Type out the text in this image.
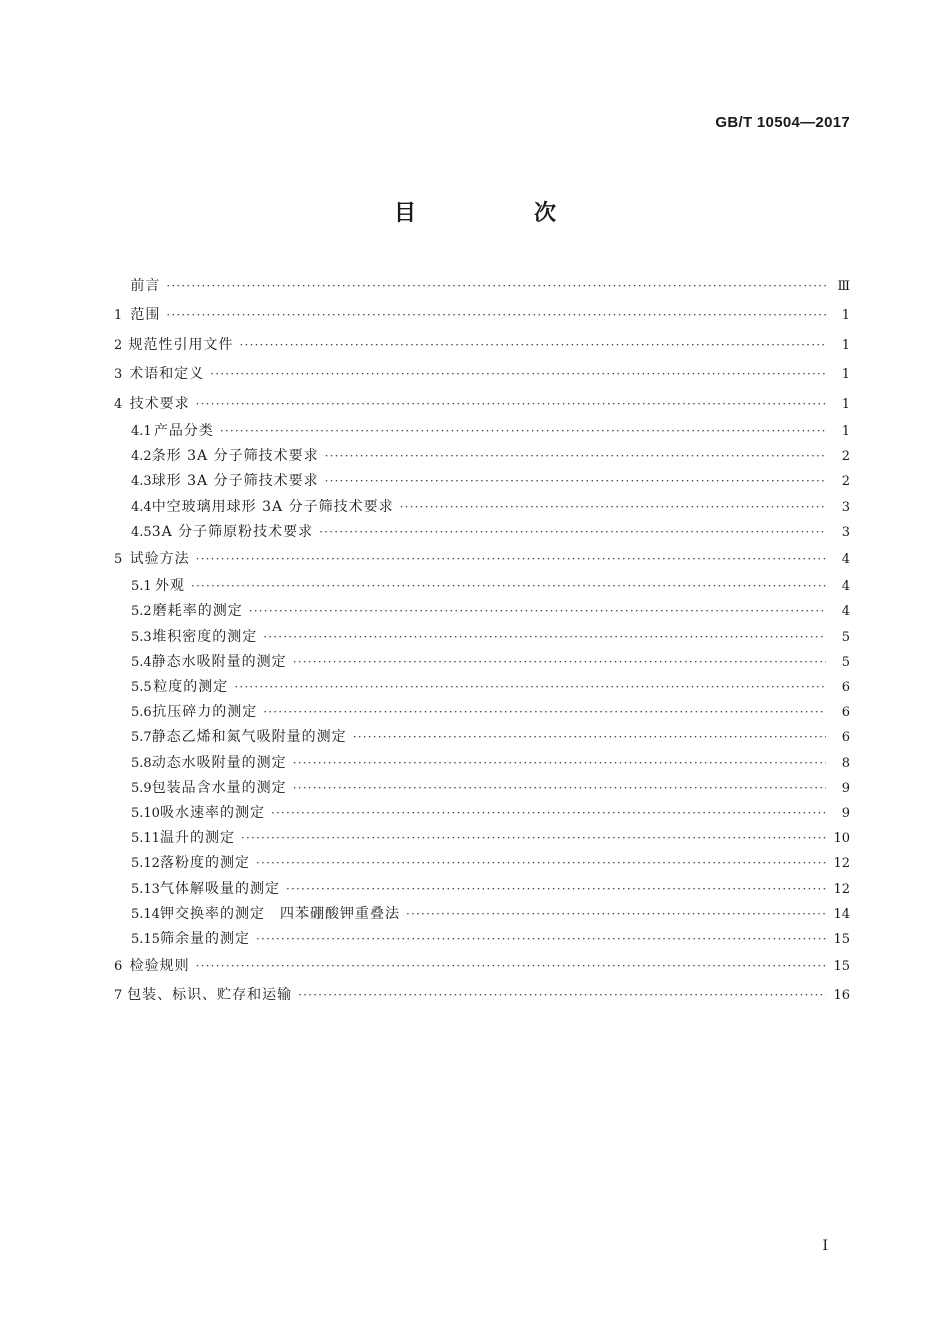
GB/T 10504—2017
目　次
前言 ·····	Ⅲ
1 范围 ·····	1
2 规范性引用文件 ·····	1
3 术语和定义 ·····	1
4 技术要求 ·····	1
4.1 产品分类 ·····	1
4.2 条形 3A 分子筛技术要求 ·····	2
4.3 球形 3A 分子筛技术要求 ·····	2
4.4 中空玻璃用球形 3A 分子筛技术要求 ·····	3
4.5 3A 分子筛原粉技术要求 ·····	3
5 试验方法 ·····	4
5.1 外观 ·····	4
5.2 磨耗率的测定 ·····	4
5.3 堆积密度的测定 ·····	5
5.4 静态水吸附量的测定 ·····	5
5.5 粒度的测定 ·····	6
5.6 抗压碎力的测定 ·····	6
5.7 静态乙烯和氮气吸附量的测定 ·····	6
5.8 动态水吸附量的测定 ·····	8
5.9 包装品含水量的测定 ·····	9
5.10 吸水速率的测定 ·····	9
5.11 温升的测定 ·····	10
5.12 落粉度的测定 ·····	12
5.13 气体解吸量的测定 ·····	12
5.14 钾交换率的测定　四苯硼酸钾重叠法 ·····	14
5.15 筛余量的测定 ·····	15
6 检验规则 ·····	15
7 包装、标识、贮存和运输 ·····	16
I
